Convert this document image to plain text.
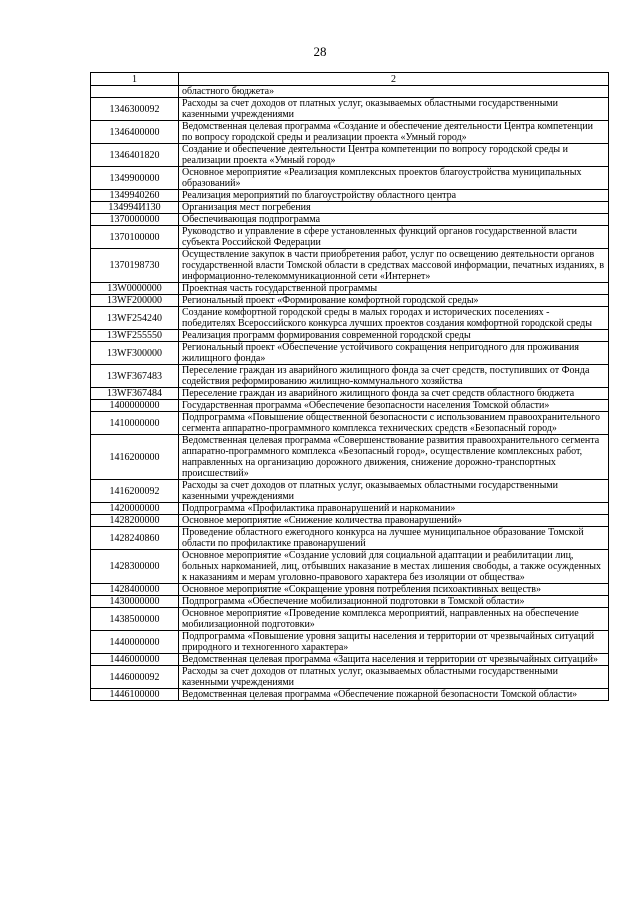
28
1	2
	областного бюджета»
1346300092	Расходы за счет доходов от платных услуг, оказываемых областными государственными казенными учреждениями
1346400000	Ведомственная целевая программа «Создание и обеспечение деятельности Центра компетенции по вопросу городской среды и реализации проекта «Умный город»
1346401820	Создание и обеспечение деятельности Центра компетенции по вопросу городской среды и реализации проекта «Умный город»
1349900000	Основное мероприятие «Реализация комплексных проектов благоустройства муниципальных образований»
1349940260	Реализация мероприятий по благоустройству областного центра
134994И130	Организация мест погребения
1370000000	Обеспечивающая подпрограмма
1370100000	Руководство и управление в сфере установленных функций органов государственной власти субъекта Российской Федерации
1370198730	Осуществление закупок в части приобретения работ, услуг по освещению деятельности органов государственной власти Томской области в средствах массовой информации, печатных изданиях, в информационно-телекоммуникационной сети «Интернет»
13W0000000	Проектная часть государственной программы
13WF200000	Региональный проект «Формирование комфортной городской среды»
13WF254240	Создание комфортной городской среды в малых городах и исторических поселениях - победителях Всероссийского конкурса лучших проектов создания комфортной городской среды
13WF255550	Реализация программ формирования современной городской среды
13WF300000	Региональный проект «Обеспечение устойчивого сокращения непригодного для проживания жилищного фонда»
13WF367483	Переселение граждан из аварийного жилищного фонда за счет средств, поступивших от Фонда содействия реформированию жилищно-коммунального хозяйства
13WF367484	Переселение граждан из аварийного жилищного фонда за счет средств областного бюджета
1400000000	Государственная программа «Обеспечение безопасности населения Томской области»
1410000000	Подпрограмма «Повышение общественной безопасности с использованием правоохранительного сегмента аппаратно-программного комплекса технических средств «Безопасный город»
1416200000	Ведомственная целевая программа «Совершенствование развития правоохранительного сегмента аппаратно-программного комплекса «Безопасный город», осуществление комплексных работ, направленных на организацию дорожного движения, снижение дорожно-транспортных происшествий»
1416200092	Расходы за счет доходов от платных услуг, оказываемых областными государственными казенными учреждениями
1420000000	Подпрограмма «Профилактика правонарушений и наркомании»
1428200000	Основное мероприятие «Снижение количества правонарушений»
1428240860	Проведение областного ежегодного конкурса на лучшее муниципальное образование Томской области по профилактике правонарушений
1428300000	Основное мероприятие «Создание условий для социальной адаптации и реабилитации лиц, больных наркоманией, лиц, отбывших наказание в местах лишения свободы, а также осужденных к наказаниям и мерам уголовно-правового характера без изоляции от общества»
1428400000	Основное мероприятие «Сокращение уровня потребления психоактивных веществ»
1430000000	Подпрограмма «Обеспечение мобилизационной подготовки в Томской области»
1438500000	Основное мероприятие «Проведение комплекса мероприятий, направленных на обеспечение мобилизационной подготовки»
1440000000	Подпрограмма «Повышение уровня защиты населения и территории от чрезвычайных ситуаций природного и техногенного характера»
1446000000	Ведомственная целевая программа «Защита населения и территории от чрезвычайных ситуаций»
1446000092	Расходы за счет доходов от платных услуг, оказываемых областными государственными казенными учреждениями
1446100000	Ведомственная целевая программа «Обеспечение пожарной безопасности Томской области»
